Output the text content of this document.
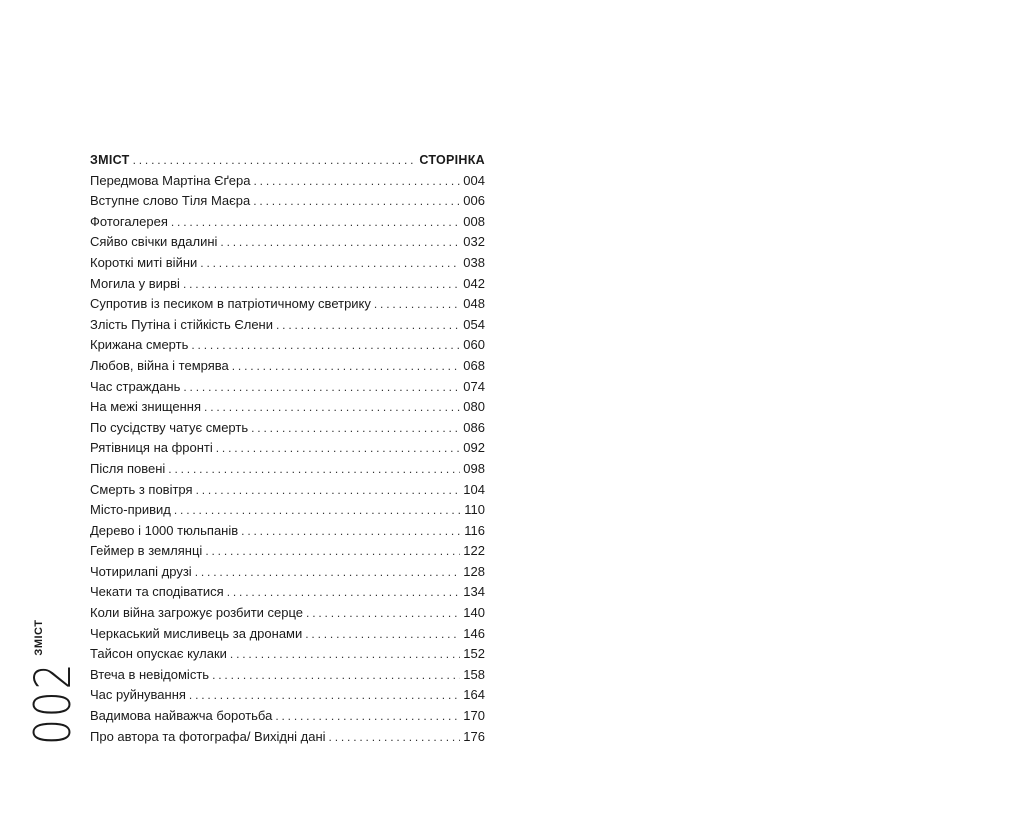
ЗМІСТ . . .	СТОРІНКА
Передмова Мартіна Єґера . . .	004
Вступне слово Тіля Маєра . . .	006
Фотогалерея . . .	008
Сяйво свічки вдалині . . .	032
Короткі миті війни . . .	038
Могила у вирві . . .	042
Супротив із песиком в патріотичному светрику . . .	048
Злість Путіна і стійкість Єлени . . .	054
Крижана смерть . . .	060
Любов, війна і темрява . . .	068
Час страждань . . .	074
На межі знищення . . .	080
По сусідству чатує смерть . . .	086
Рятівниця на фронті . . .	092
Після повені . . .	098
Смерть з повітря . . .	104
Місто-привид . . .	110
Дерево і 1000 тюльпанів . . .	116
Геймер в землянці . . .	122
Чотирилапі друзі . . .	128
Чекати та сподіватися . . .	134
Коли війна загрожує розбити серце . . .	140
Черкаський мисливець за дронами . . .	146
Тайсон опускає кулаки . . .	152
Втеча в невідомість . . .	158
Час руйнування . . .	164
Вадимова найважча боротьба . . .	170
Про автора та фотографа/ Вихідні дані . . .	176
002
ЗМІСТ
